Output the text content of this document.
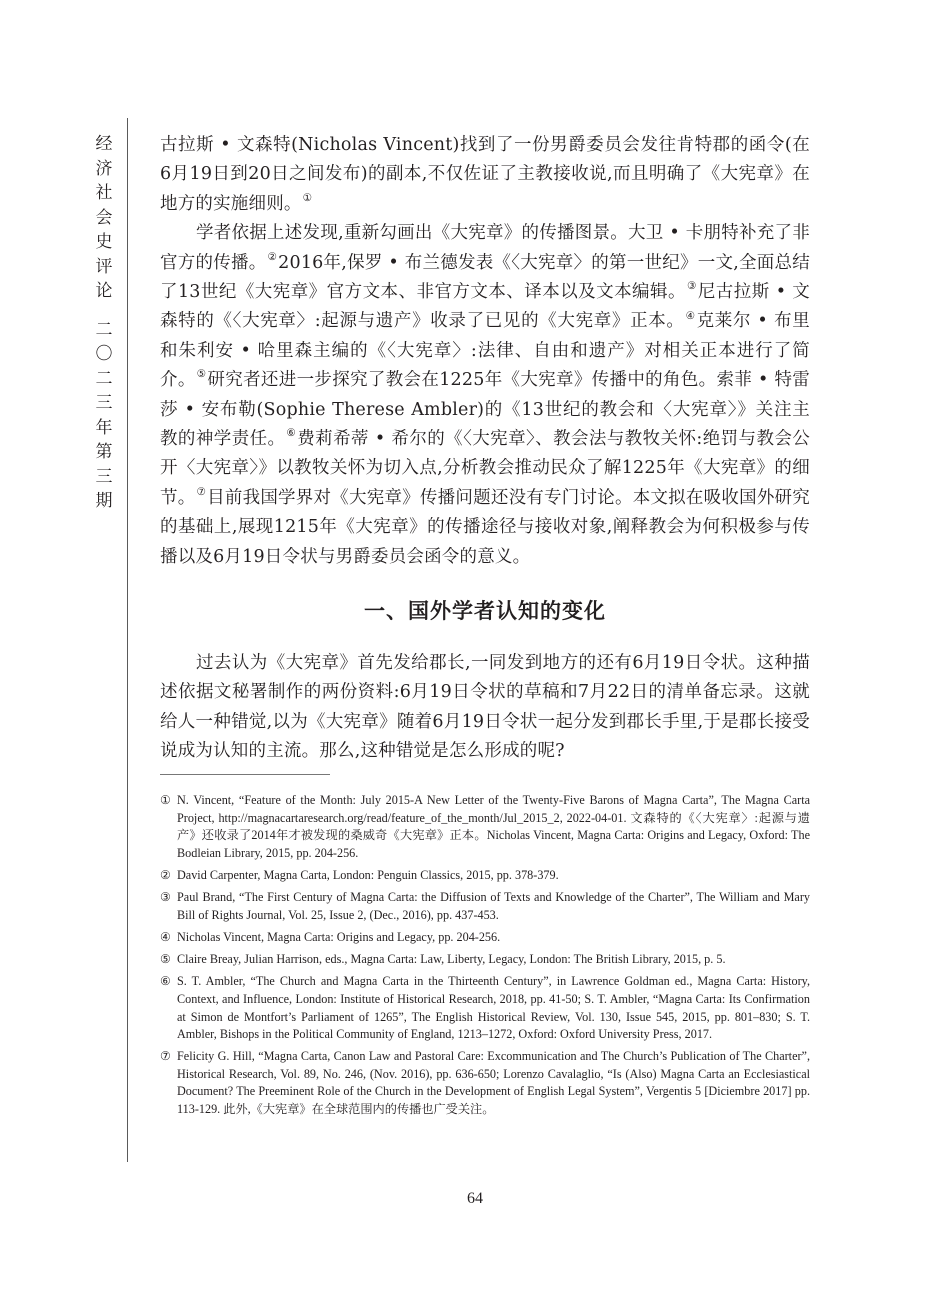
经
济
社
会
史
评
论
二
〇
二
三
年
第
三
期

古拉斯 • 文森特(Nicholas Vincent)找到了一份男爵委员会发往肯特郡的函令(在6月19日到20日之间发布)的副本,不仅佐证了主教接收说,而且明确了《大宪章》在地方的实施细则。①

学者依据上述发现,重新勾画出《大宪章》的传播图景。大卫 • 卡朋特补充了非官方的传播。②2016年,保罗 • 布兰德发表《〈大宪章〉的第一世纪》一文,全面总结了13世纪《大宪章》官方文本、非官方文本、译本以及文本编辑。③尼古拉斯 • 文森特的《〈大宪章〉:起源与遗产》收录了已见的《大宪章》正本。④克莱尔 • 布里和朱利安 • 哈里森主编的《〈大宪章〉:法律、自由和遗产》对相关正本进行了简介。⑤研究者还进一步探究了教会在1225年《大宪章》传播中的角色。索菲 • 特雷莎 • 安布勒(Sophie Therese Ambler)的《13世纪的教会和〈大宪章〉》关注主教的神学责任。⑥费莉希蒂 • 希尔的《〈大宪章〉、教会法与教牧关怀:绝罚与教会公开〈大宪章〉》以教牧关怀为切入点,分析教会推动民众了解1225年《大宪章》的细节。⑦目前我国学界对《大宪章》传播问题还没有专门讨论。本文拟在吸收国外研究的基础上,展现1215年《大宪章》的传播途径与接收对象,阐释教会为何积极参与传播以及6月19日令状与男爵委员会函令的意义。

一、国外学者认知的变化

过去认为《大宪章》首先发给郡长,一同发到地方的还有6月19日令状。这种描述依据文秘署制作的两份资料:6月19日令状的草稿和7月22日的清单备忘录。这就给人一种错觉,以为《大宪章》随着6月19日令状一起分发到郡长手里,于是郡长接受说成为认知的主流。那么,这种错觉是怎么形成的呢?

① N. Vincent, “Feature of the Month: July 2015-A New Letter of the Twenty-Five Barons of Magna Carta”, The Magna Carta Project, http://magnacartaresearch.org/read/feature_of_the_month/Jul_2015_2, 2022-04-01. 文森特的《〈大宪章〉:起源与遗产》还收录了2014年才被发现的桑威奇《大宪章》正本。Nicholas Vincent, Magna Carta: Origins and Legacy, Oxford: The Bodleian Library, 2015, pp. 204-256.
② David Carpenter, Magna Carta, London: Penguin Classics, 2015, pp. 378-379.
③ Paul Brand, “The First Century of Magna Carta: the Diffusion of Texts and Knowledge of the Charter”, The William and Mary Bill of Rights Journal, Vol. 25, Issue 2, (Dec., 2016), pp. 437-453.
④ Nicholas Vincent, Magna Carta: Origins and Legacy, pp. 204-256.
⑤ Claire Breay, Julian Harrison, eds., Magna Carta: Law, Liberty, Legacy, London: The British Library, 2015, p. 5.
⑥ S. T. Ambler, “The Church and Magna Carta in the Thirteenth Century”, in Lawrence Goldman ed., Magna Carta: History, Context, and Influence, London: Institute of Historical Research, 2018, pp. 41-50; S. T. Ambler, “Magna Carta: Its Confirmation at Simon de Montfort’s Parliament of 1265”, The English Historical Review, Vol. 130, Issue 545, 2015, pp. 801–830; S. T. Ambler, Bishops in the Political Community of England, 1213–1272, Oxford: Oxford University Press, 2017.
⑦ Felicity G. Hill, “Magna Carta, Canon Law and Pastoral Care: Excommunication and The Church’s Publication of The Charter”, Historical Research, Vol. 89, No. 246, (Nov. 2016), pp. 636-650; Lorenzo Cavalaglio, “Is (Also) Magna Carta an Ecclesiastical Document? The Preeminent Role of the Church in the Development of English Legal System”, Vergentis 5 [Diciembre 2017] pp. 113-129. 此外,《大宪章》在全球范围内的传播也广受关注。
64
